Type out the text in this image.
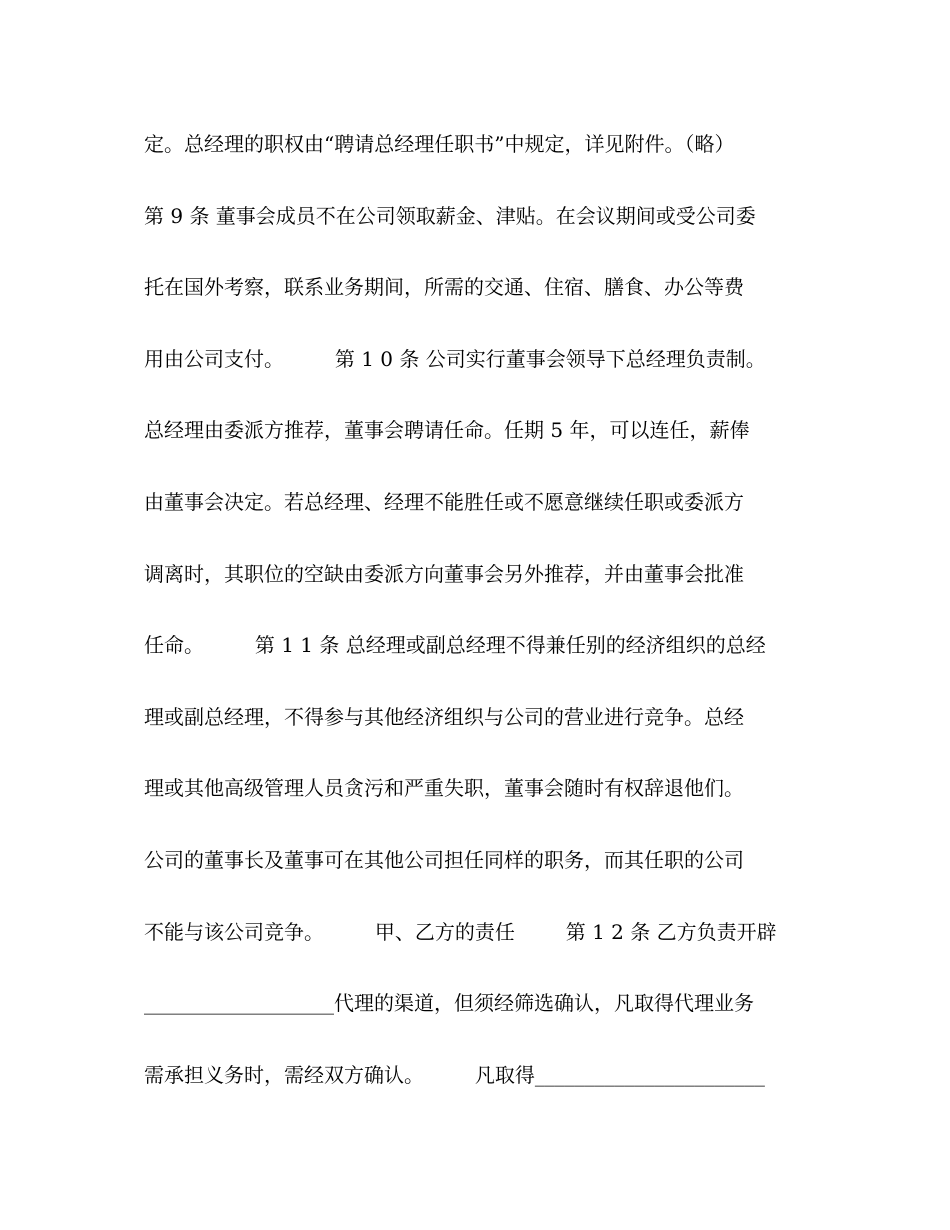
定。总经理的职权由“聘请总经理任职书”中规定，详见附件。（略）
第 9 条 董事会成员不在公司领取薪金、津贴。在会议期间或受公司委
托在国外考察，联系业务期间，所需的交通、住宿、膳食、办公等费
用由公司支付。        第 1 0 条 公司实行董事会领导下总经理负责制。
总经理由委派方推荐，董事会聘请任命。任期 5 年，可以连任，薪俸
由董事会决定。若总经理、经理不能胜任或不愿意继续任职或委派方
调离时，其职位的空缺由委派方向董事会另外推荐，并由董事会批准
任命。        第 1 1 条 总经理或副总经理不得兼任别的经济组织的总经
理或副总经理，不得参与其他经济组织与公司的营业进行竞争。总经
理或其他高级管理人员贪污和严重失职，董事会随时有权辞退他们。
公司的董事长及董事可在其他公司担任同样的职务，而其任职的公司
不能与该公司竞争。        甲、乙方的责任        第 1 2 条 乙方负责开辟
___________________代理的渠道，但须经筛选确认，凡取得代理业务
需承担义务时，需经双方确认。        凡取得_______________________
